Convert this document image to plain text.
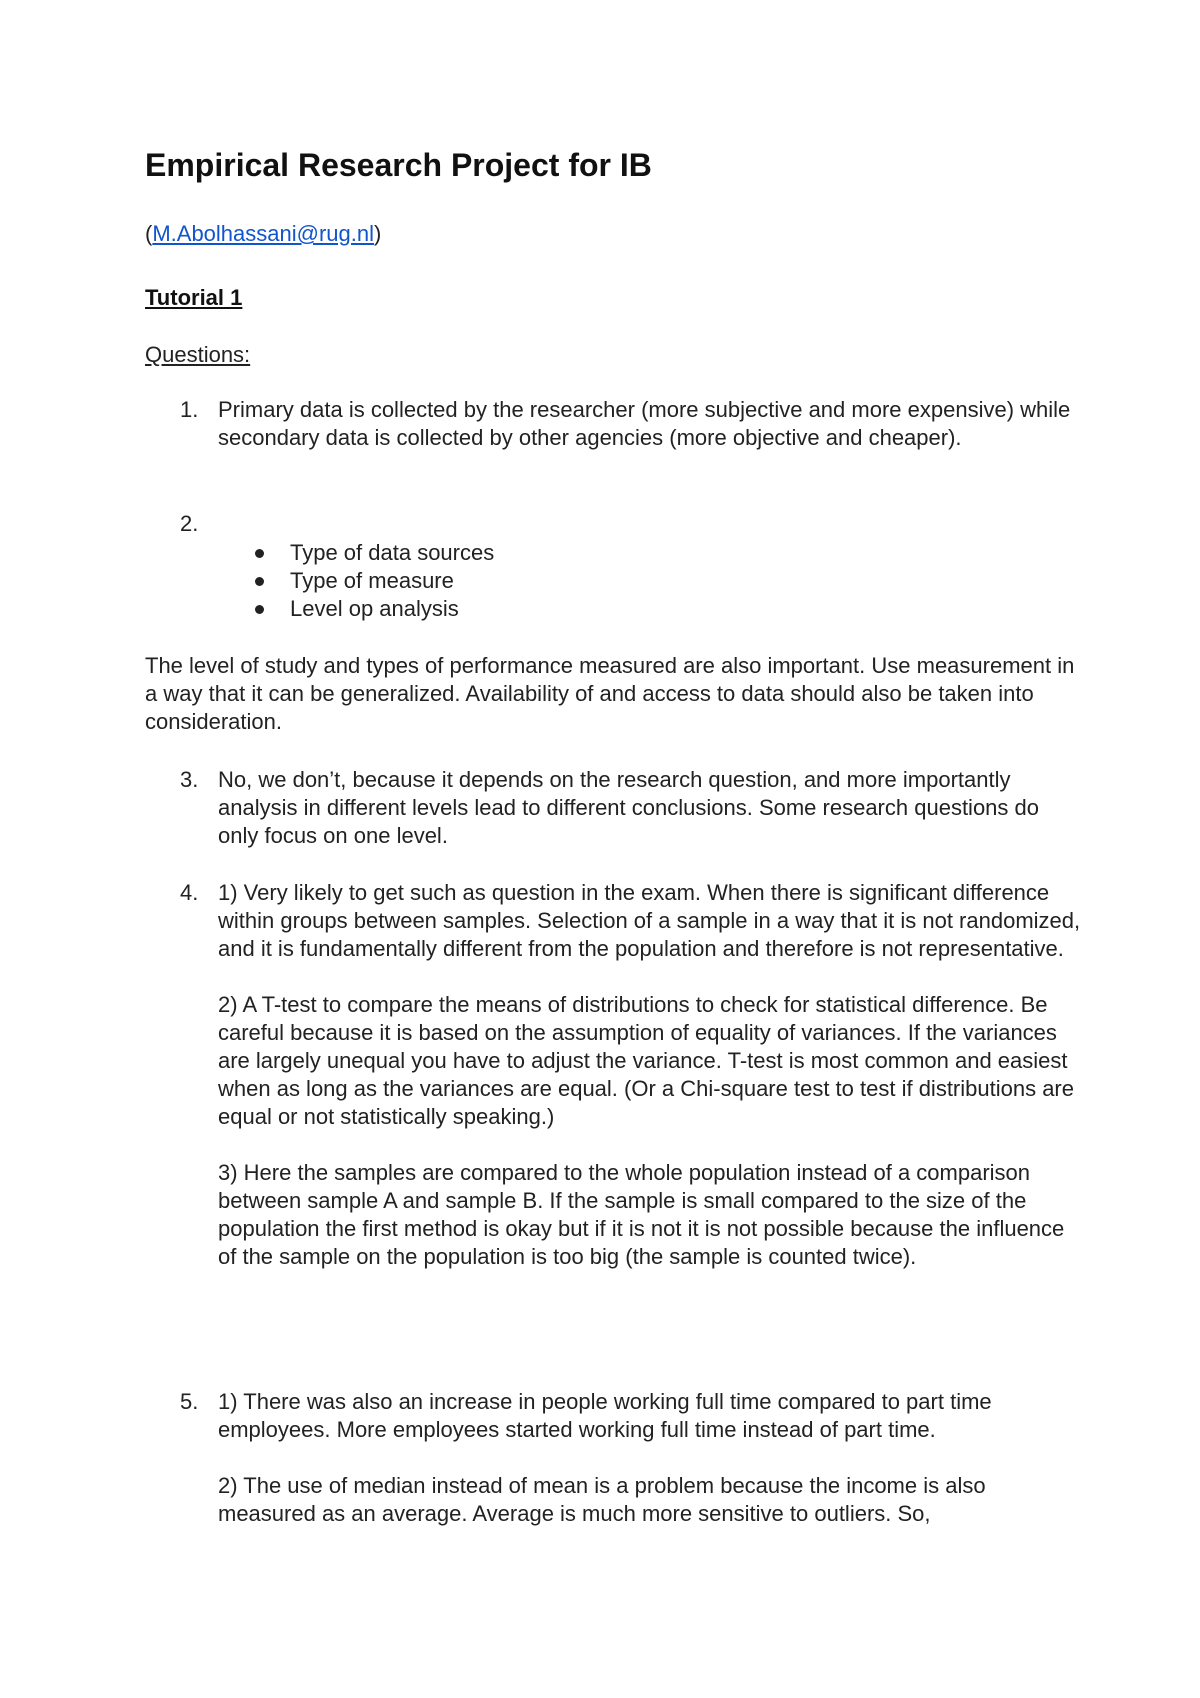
Empirical Research Project for IB
(M.Abolhassani@rug.nl)
Tutorial 1
Questions:
1. Primary data is collected by the researcher (more subjective and more expensive) while secondary data is collected by other agencies (more objective and cheaper).

2.
Type of data sources
Type of measure
Level op analysis

The level of study and types of performance measured are also important. Use measurement in a way that it can be generalized. Availability of and access to data should also be taken into consideration.

3. No, we don’t, because it depends on the research question, and more importantly analysis in different levels lead to different conclusions. Some research questions do only focus on one level.

4. 1) Very likely to get such as question in the exam. When there is significant difference within groups between samples. Selection of a sample in a way that it is not randomized, and it is fundamentally different from the population and therefore is not representative.

2) A T-test to compare the means of distributions to check for statistical difference. Be careful because it is based on the assumption of equality of variances. If the variances are largely unequal you have to adjust the variance. T-test is most common and easiest when as long as the variances are equal. (Or a Chi-square test to test if distributions are equal or not statistically speaking.)

3) Here the samples are compared to the whole population instead of a comparison between sample A and sample B. If the sample is small compared to the size of the population the first method is okay but if it is not it is not possible because the influence of the sample on the population is too big (the sample is counted twice).

5. 1) There was also an increase in people working full time compared to part time employees. More employees started working full time instead of part time.

2) The use of median instead of mean is a problem because the income is also measured as an average. Average is much more sensitive to outliers. So,
